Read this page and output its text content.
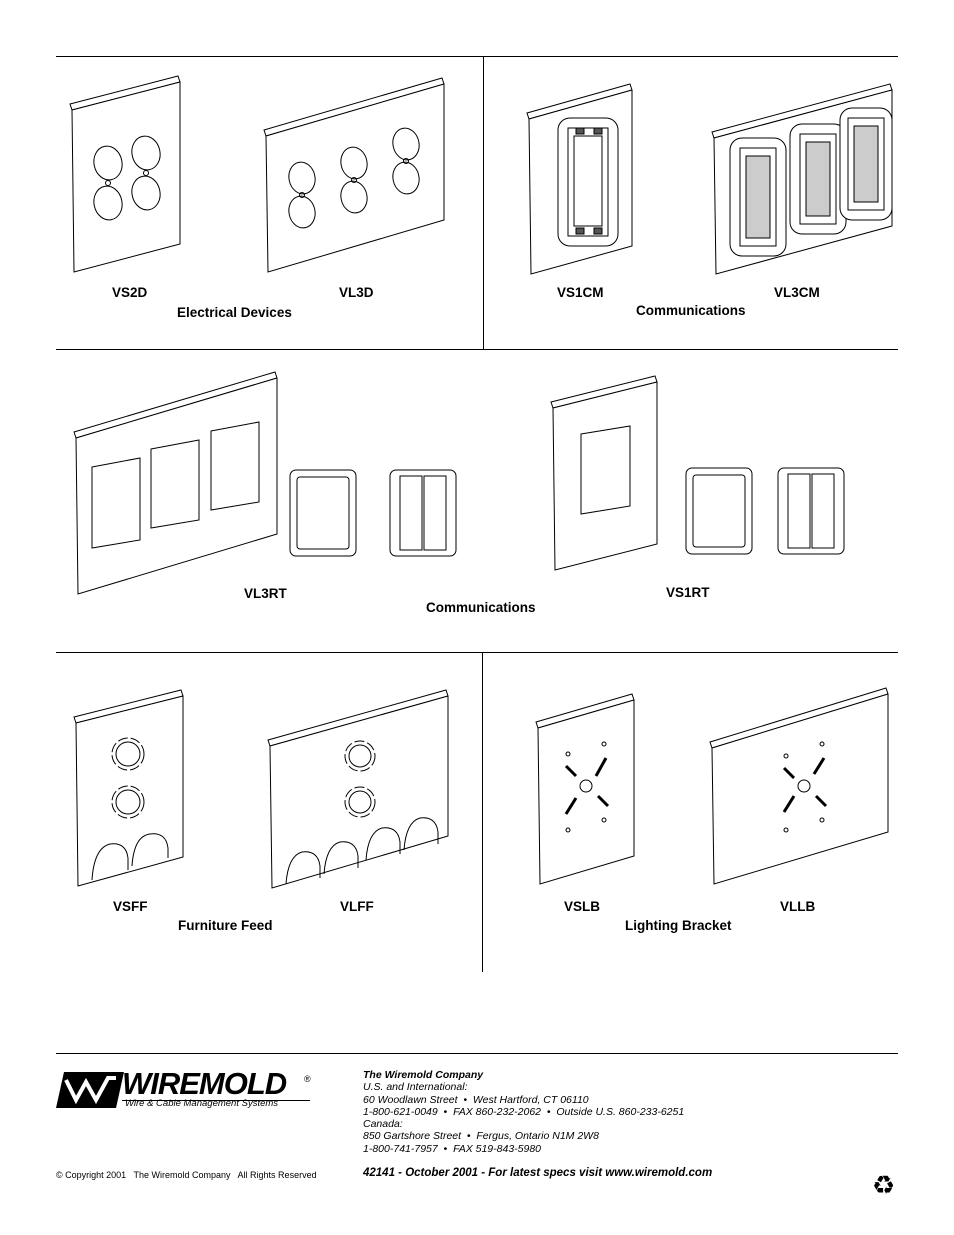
VS2D	VL3D
Electrical Devices
VS1CM	VL3CM
Communications
VL3RT	VS1RT
Communications
VSFF	VLFF
Furniture Feed
VSLB	VLLB
Lighting Bracket
WIREMOLD ®
Wire & Cable Management Systems
The Wiremold Company
U.S. and International:
60 Woodlawn Street  •  West Hartford, CT 06110
1-800-621-0049  •  FAX 860-232-2062  •  Outside U.S. 860-233-6251
Canada:
850 Gartshore Street  •  Fergus, Ontario N1M 2W8
1-800-741-7957  •  FAX 519-843-5980
© Copyright 2001   The Wiremold Company   All Rights Reserved	42141 - October 2001 - For latest specs visit www.wiremold.com	♻
